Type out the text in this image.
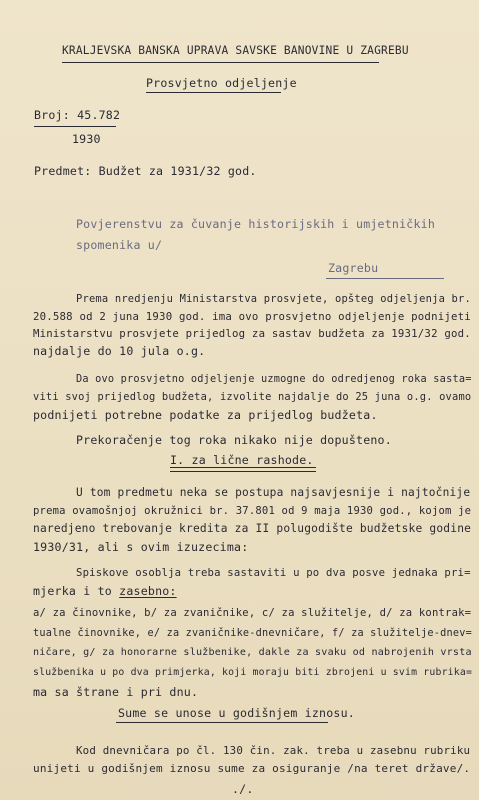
KRALJEVSKA BANSKA UPRAVA SAVSKE BANOVINE U ZAGREBU
Prosvjetno odjeljenje
Broj: 45.782
1930
Predmet: Budžet za 1931/32 god.
Povjerenstvu za čuvanje historijskih i umjetničkih
spomenika u/
Zagrebu
Prema nredjenju Ministarstva prosvjete, opšteg odjeljenja br.
20.588 od 2 juna 1930 god. ima ovo prosvjetno odjeljenje podnijeti
Ministarstvu prosvjete prijedlog za sastav budžeta za 1931/32 god.
najdalje do 10 jula o.g.
Da ovo prosvjetno odjeljenje uzmogne do odredjenog roka sasta=
viti svoj prijedlog budžeta, izvolite najdalje do 25 juna o.g. ovamo
podnijeti potrebne podatke za prijedlog budžeta.
Prekoračenje tog roka nikako nije dopušteno.
I. za lične rashode.
U tom predmetu neka se postupa najsavjesnije i najtočnije
prema ovamošnjoj okružnici br. 37.801 od 9 maja 1930 god., kojom je
naredjeno trebovanje kredita za II polugodište budžetske godine
1930/31, ali s ovim izuzecima:
Spiskove osoblja treba sastaviti u po dva posve jednaka pri=
mjerka i to zasebno:
a/ za činovnike, b/ za zvaničnike, c/ za služitelje, d/ za kontrak=
tualne činovnike, e/ za zvaničnike-dnevničare, f/ za služitelje-dnev=
ničare, g/ za honorarne službenike, dakle za svaku od nabrojenih vrsta
službenika u po dva primjerka, koji moraju biti zbrojeni u svim rubrika=
ma sa štrane i pri dnu.
Sume se unose u godišnjem iznosu.
Kod dnevničara po čl. 130 čin. zak. treba u zasebnu rubriku
unijeti u godišnjem iznosu sume za osiguranje /na teret države/.
./.
